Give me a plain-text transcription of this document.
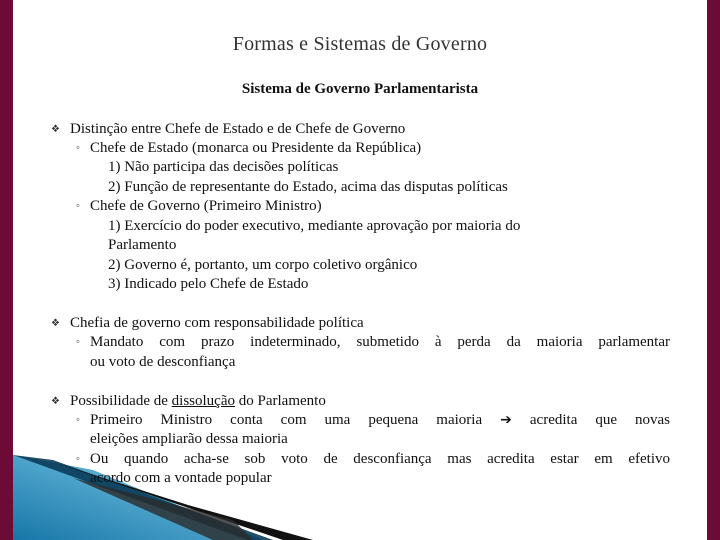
Formas e Sistemas de Governo
Sistema de Governo Parlamentarista
❖ Distinção entre Chefe de Estado e de Chefe de Governo
◦ Chefe de Estado (monarca ou Presidente da República)
1) Não participa das decisões políticas
2) Função de representante do Estado, acima das disputas políticas
◦ Chefe de Governo (Primeiro Ministro)
1) Exercício do poder executivo, mediante aprovação por maioria do
Parlamento
2) Governo é, portanto, um corpo coletivo orgânico
3) Indicado pelo Chefe de Estado
❖ Chefia de governo com responsabilidade política
◦ Mandato com prazo indeterminado, submetido à perda da maioria parlamentar
ou voto de desconfiança
❖ Possibilidade de dissolução do Parlamento
◦ Primeiro Ministro conta com uma pequena maioria ➔ acredita que novas
eleições ampliarão dessa maioria
◦ Ou quando acha-se sob voto de desconfiança mas acredita estar em efetivo
acordo com a vontade popular
